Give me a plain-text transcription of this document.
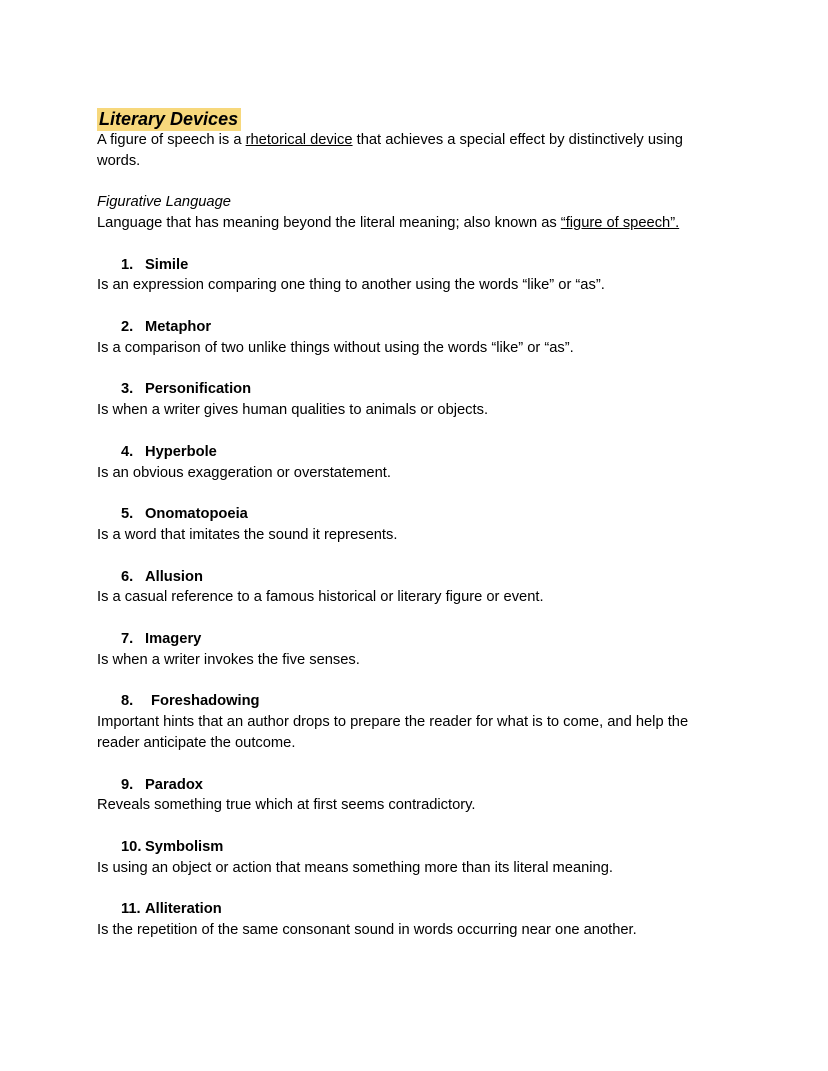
Literary Devices

A figure of speech is a rhetorical device that achieves a special effect by distinctively using words.

Figurative Language

Language that has meaning beyond the literal meaning; also known as “figure of speech”.

1. Simile
Is an expression comparing one thing to another using the words “like” or “as”.
2. Metaphor
Is a comparison of two unlike things without using the words “like” or “as”.
3. Personification
Is when a writer gives human qualities to animals or objects.
4. Hyperbole
Is an obvious exaggeration or overstatement.
5. Onomatopoeia
Is a word that imitates the sound it represents.
6. Allusion
Is a casual reference to a famous historical or literary figure or event.
7. Imagery
Is when a writer invokes the five senses.
8. Foreshadowing
Important hints that an author drops to prepare the reader for what is to come, and help the reader anticipate the outcome.
9. Paradox
Reveals something true which at first seems contradictory.
10. Symbolism
Is using an object or action that means something more than its literal meaning.
11. Alliteration
Is the repetition of the same consonant sound in words occurring near one another.
